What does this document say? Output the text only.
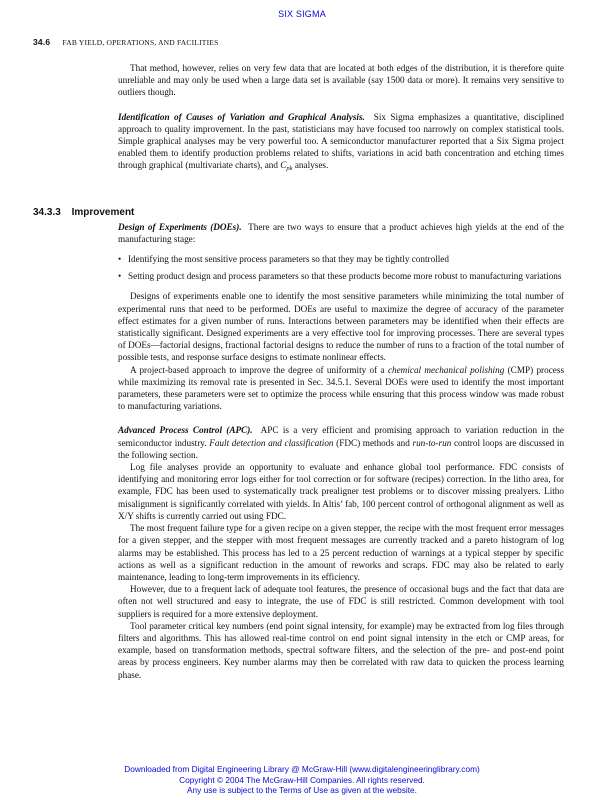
SIX SIGMA
34.6 FAB YIELD, OPERATIONS, AND FACILITIES
34.3.3 Improvement

That method, however, relies on very few data that are located at both edges of the distribution, it is therefore quite unreliable and may only be used when a large data set is available (say 1500 data or more). It remains very sensitive to outliers though.

Identification of Causes of Variation and Graphical Analysis. Six Sigma emphasizes a quantitative, disciplined approach to quality improvement. In the past, statisticians may have focused too narrowly on complex statistical tools. Simple graphical analyses may be very powerful too. A semiconductor manufacturer reported that a Six Sigma project enabled them to identify production problems related to shifts, variations in acid bath concentration and etching times through graphical (multivariate charts), and $C_{pk}$ analyses.

Design of Experiments (DOEs). There are two ways to ensure that a product achieves high yields at the end of the manufacturing stage:

• Identifying the most sensitive process parameters so that they may be tightly controlled
• Setting product design and process parameters so that these products become more robust to manufacturing variations

Designs of experiments enable one to identify the most sensitive parameters while minimizing the total number of experimental runs that need to be performed. DOEs are useful to maximize the degree of accuracy of the parameter effect estimates for a given number of runs. Interactions between parameters may be identified when their effects are statistically significant. Designed experiments are a very effective tool for improving processes. There are several types of DOEs—factorial designs, fractional factorial designs to reduce the number of runs to a fraction of the total number of possible tests, and response surface designs to estimate nonlinear effects.

A project-based approach to improve the degree of uniformity of a chemical mechanical polishing (CMP) process while maximizing its removal rate is presented in Sec. 34.5.1. Several DOEs were used to identify the most important parameters, these parameters were set to optimize the process while ensuring that this process window was made robust to manufacturing variations.

Advanced Process Control (APC). APC is a very efficient and promising approach to variation reduction in the semiconductor industry. Fault detection and classification (FDC) methods and run-to-run control loops are discussed in the following section.

Log file analyses provide an opportunity to evaluate and enhance global tool performance. FDC consists of identifying and monitoring error logs either for tool correction or for software (recipes) correction. In the litho area, for example, FDC has been used to systematically track prealigner test problems or to discover missing prealyers. Litho misalignment is significantly correlated with yields. In Altis’ fab, 100 percent control of orthogonal alignment as well as X/Y shifts is currently carried out using FDC.

The most frequent failure type for a given recipe on a given stepper, the recipe with the most frequent error messages for a given stepper, and the stepper with most frequent messages are currently tracked and a pareto histogram of log alarms may be established. This process has led to a 25 percent reduction of warnings at a typical stepper by specific actions as well as a significant reduction in the amount of reworks and scraps. FDC may also be related to early maintenance, leading to long-term improvements in its efficiency.

However, due to a frequent lack of adequate tool features, the presence of occasional bugs and the fact that data are often not well structured and easy to integrate, the use of FDC is still restricted. Common development with tool suppliers is required for a more extensive deployment.

Tool parameter critical key numbers (end point signal intensity, for example) may be extracted from log files through filters and algorithms. This has allowed real-time control on end point signal intensity in the etch or CMP areas, for example, based on transformation methods, spectral software filters, and the selection of the pre- and post-end point areas by process engineers. Key number alarms may then be correlated with raw data to quicken the process learning phase.

Downloaded from Digital Engineering Library @ McGraw-Hill (www.digitalengineeringlibrary.com)
Copyright © 2004 The McGraw-Hill Companies. All rights reserved.
Any use is subject to the Terms of Use as given at the website.
